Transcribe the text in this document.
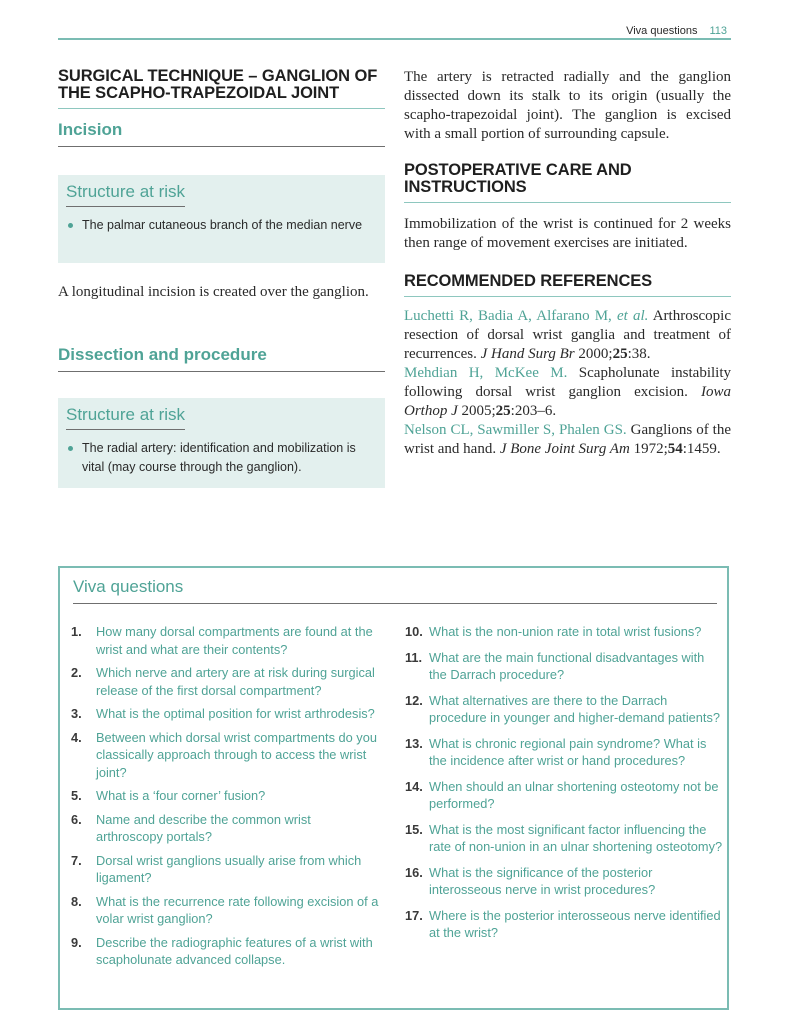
Viva questions 113
SURGICAL TECHNIQUE – GANGLION OF THE SCAPHO-TRAPEZOIDAL JOINT
Incision
Structure at risk
The palmar cutaneous branch of the median nerve

A longitudinal incision is created over the ganglion.

Dissection and procedure
Structure at risk
The radial artery: identification and mobilization is vital (may course through the ganglion).

The artery is retracted radially and the ganglion dissected down its stalk to its origin (usually the scapho-trapezoidal joint). The ganglion is excised with a small portion of surrounding capsule.

POSTOPERATIVE CARE AND INSTRUCTIONS

Immobilization of the wrist is continued for 2 weeks then range of movement exercises are initiated.

RECOMMENDED REFERENCES

Luchetti R, Badia A, Alfarano M, et al. Arthroscopic resection of dorsal wrist ganglia and treatment of recurrences. J Hand Surg Br 2000;25:38.

Mehdian H, McKee M. Scapholunate instability following dorsal wrist ganglion excision. Iowa Orthop J 2005;25:203–6.

Nelson CL, Sawmiller S, Phalen GS. Ganglions of the wrist and hand. J Bone Joint Surg Am 1972;54:1459.

Viva questions
1. How many dorsal compartments are found at the wrist and what are their contents?
2. Which nerve and artery are at risk during surgical release of the first dorsal compartment?
3. What is the optimal position for wrist arthrodesis?
4. Between which dorsal wrist compartments do you classically approach through to access the wrist joint?
5. What is a ‘four corner’ fusion?
6. Name and describe the common wrist arthroscopy portals?
7. Dorsal wrist ganglions usually arise from which ligament?
8. What is the recurrence rate following excision of a volar wrist ganglion?
9. Describe the radiographic features of a wrist with scapholunate advanced collapse.
10. What is the non-union rate in total wrist fusions?
11. What are the main functional disadvantages with the Darrach procedure?
12. What alternatives are there to the Darrach procedure in younger and higher-demand patients?
13. What is chronic regional pain syndrome? What is the incidence after wrist or hand procedures?
14. When should an ulnar shortening osteotomy not be performed?
15. What is the most significant factor influencing the rate of non-union in an ulnar shortening osteotomy?
16. What is the significance of the posterior interosseous nerve in wrist procedures?
17. Where is the posterior interosseous nerve identified at the wrist?
